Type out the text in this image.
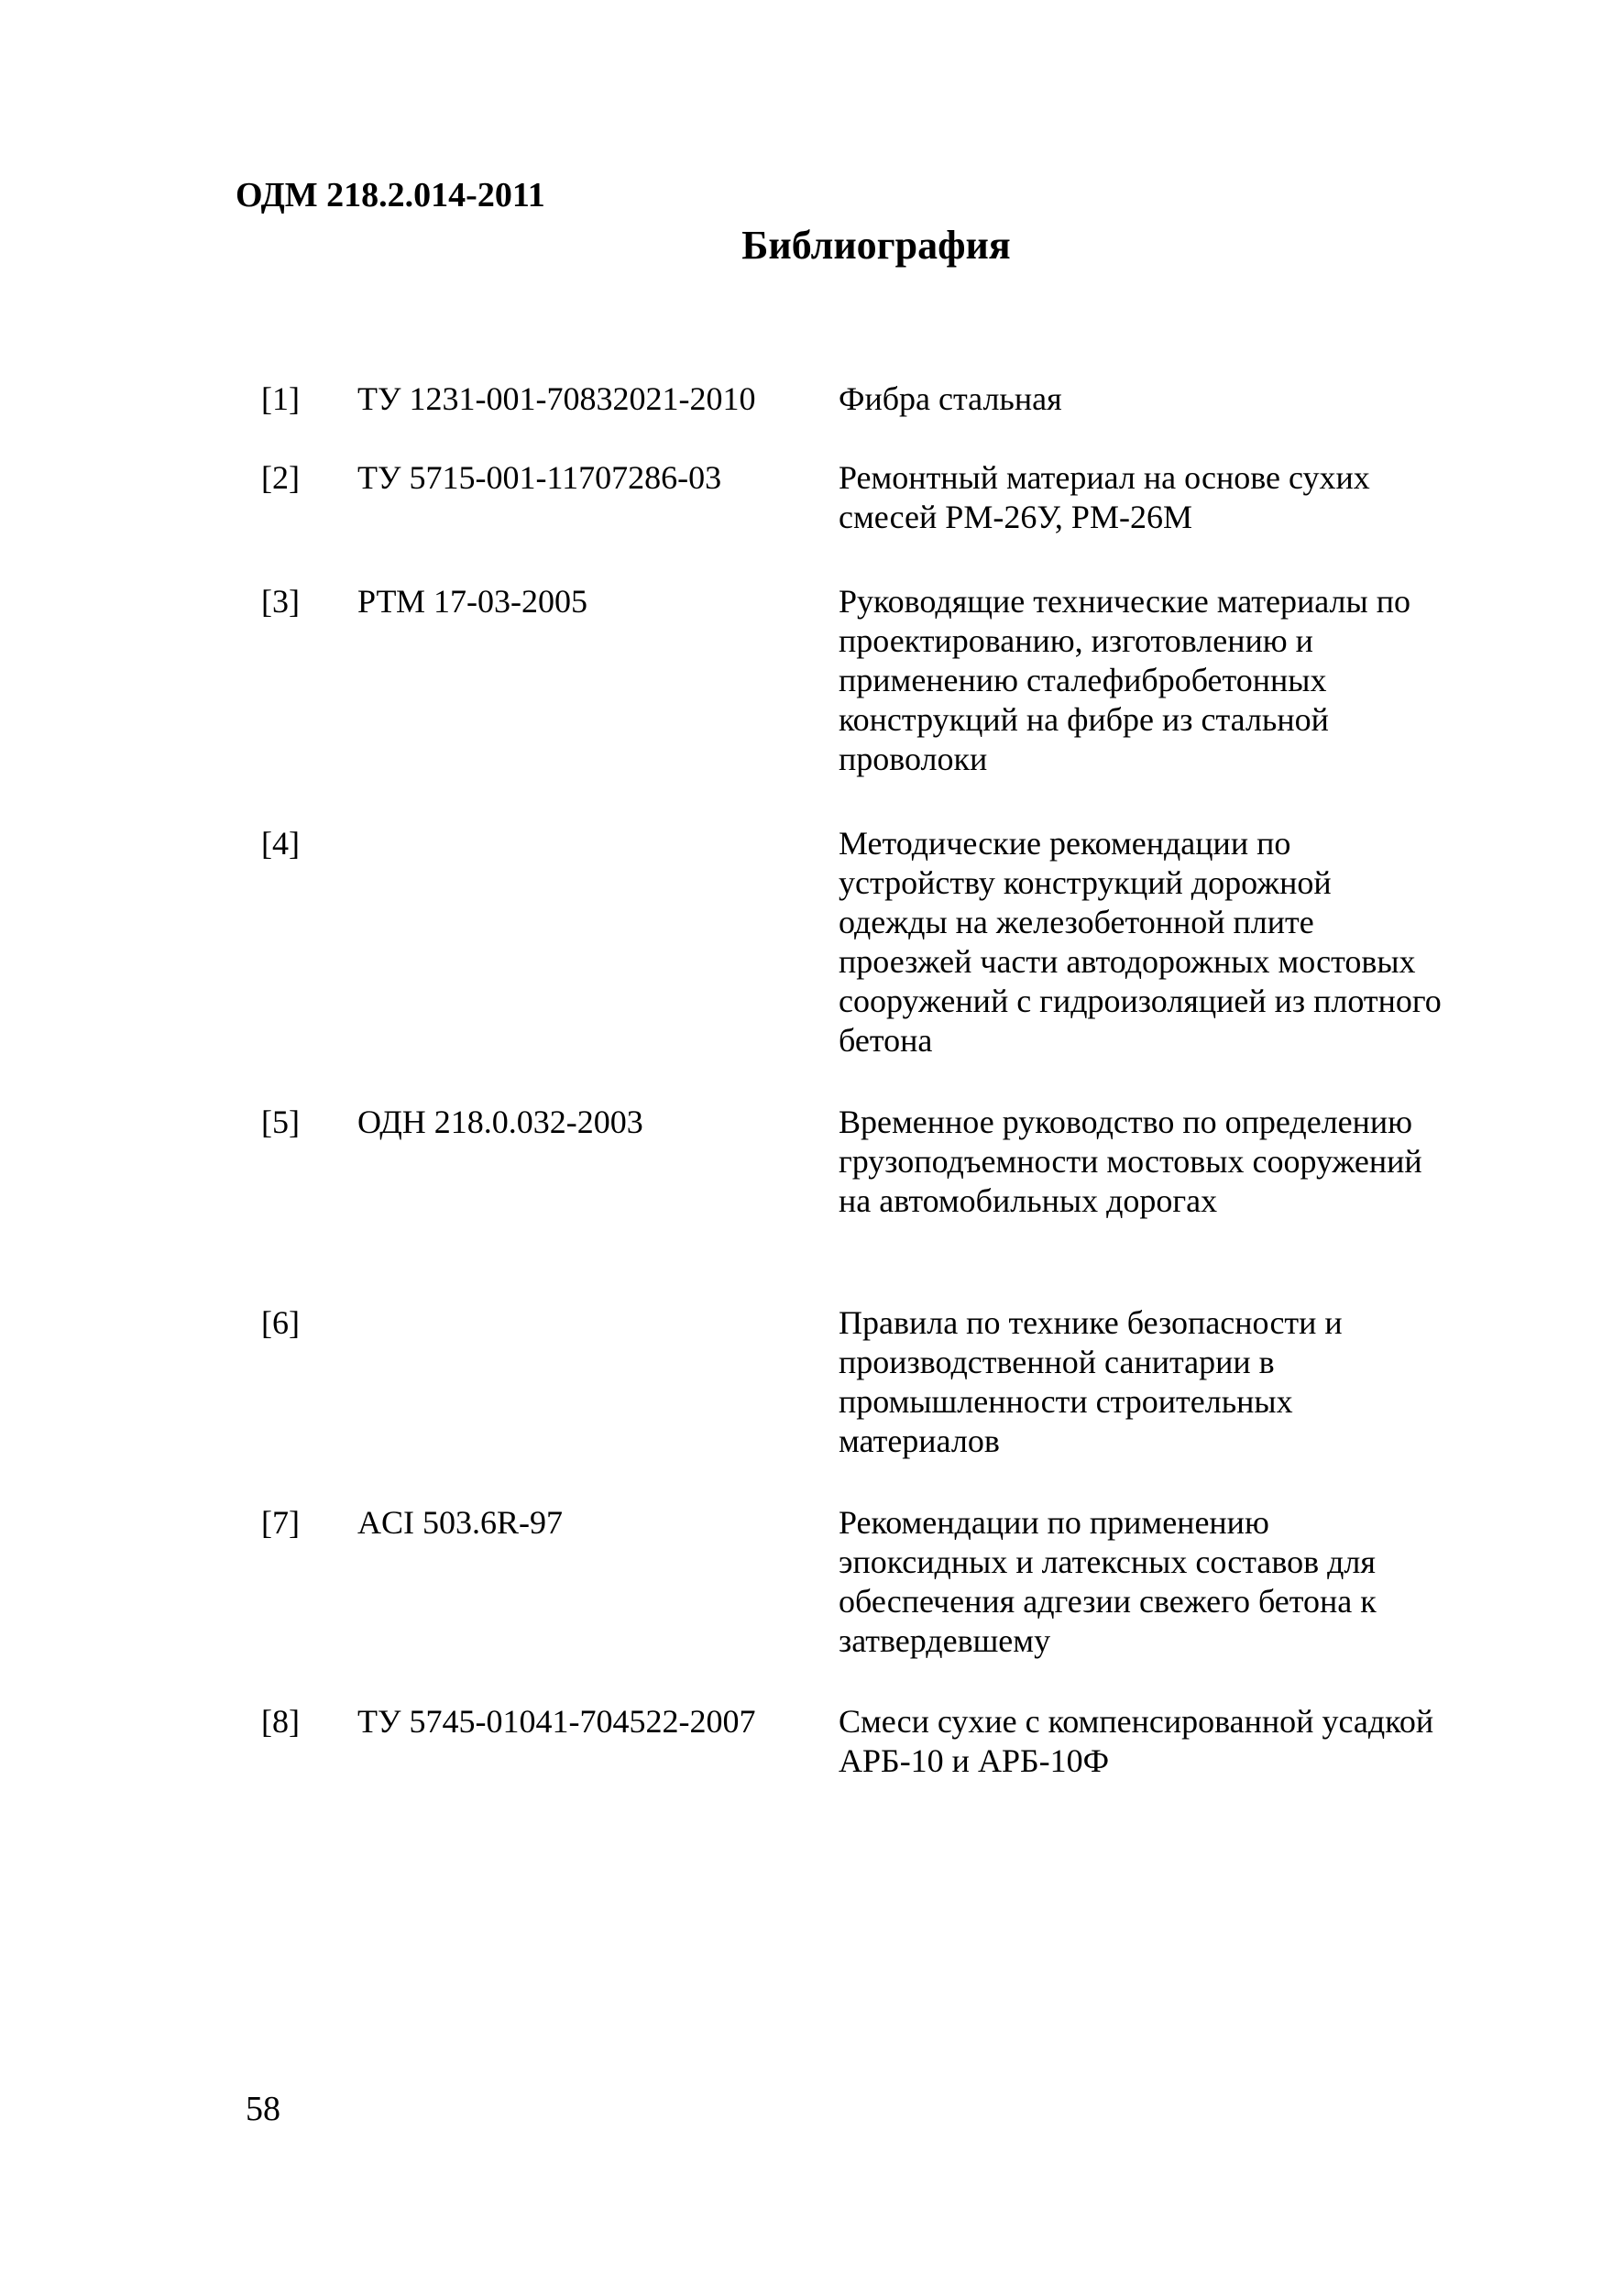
ОДМ 218.2.014-2011
Библиография
[1] ТУ 1231-001-70832021-2010	Фибра стальная
[2] ТУ 5715-001-11707286-03	Ремонтный материал на основе сухих смесей РМ-26У, РМ-26М
[3] РТМ 17-03-2005	Руководящие технические материалы по проектированию, изготовлению и применению сталефибробетонных конструкций на фибре из стальной проволоки
[4]	Методические рекомендации по устройству конструкций дорожной одежды на железобетонной плите проезжей части автодорожных мостовых сооружений с гидроизоляцией из плотного бетона
[5] ОДН 218.0.032-2003	Временное руководство по определению грузоподъемности мостовых сооружений на автомобильных дорогах
[6]	Правила по технике безопасности и производственной санитарии в промышленности строительных материалов
[7] ACI 503.6R-97	Рекомендации по применению эпоксидных и латексных составов для обеспечения адгезии свежего бетона к затвердевшему
[8] ТУ 5745-01041-704522-2007	Смеси сухие с компенсированной усадкой АРБ-10 и АРБ-10Ф
58
